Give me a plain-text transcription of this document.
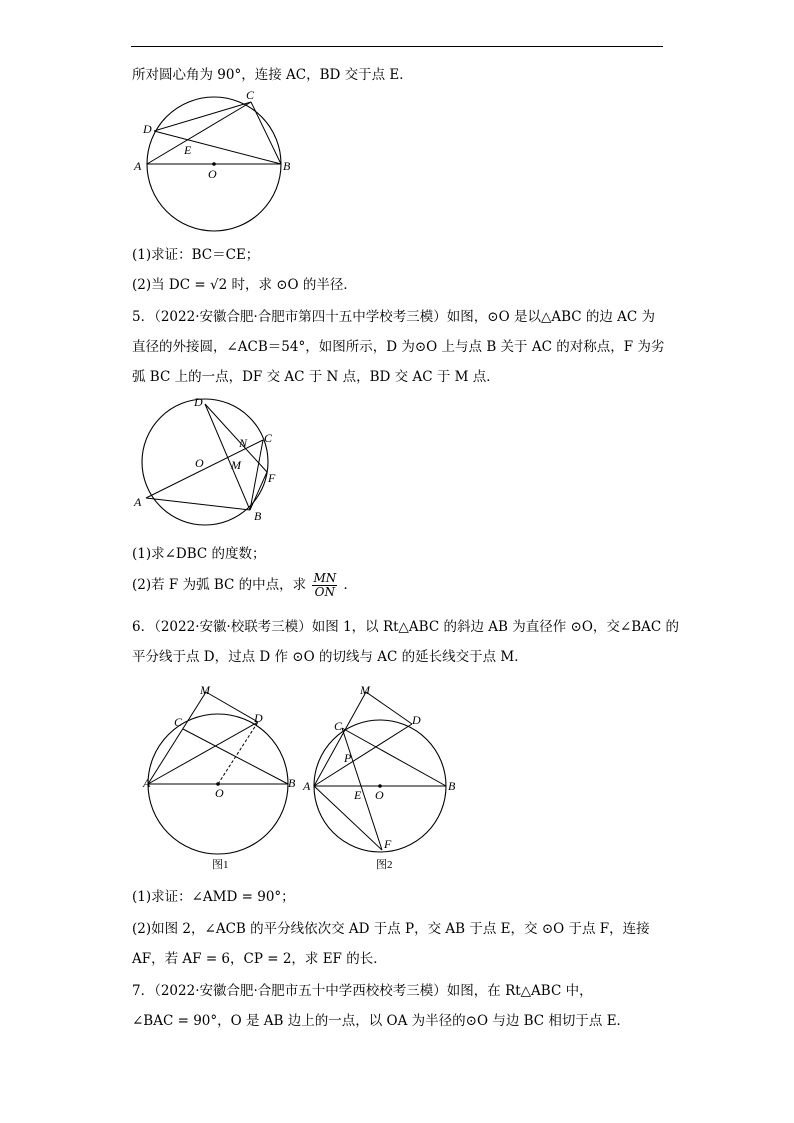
所对圆心角为 90°，连接 AC，BD 交于点 E．
A	B
C
D
E
O
(1)求证：BC＝CE；
(2)当 DC = √2 时，求 ⊙O 的半径．
5．（2022·安徽合肥·合肥市第四十五中学校考三模）如图，⊙O 是以△ABC 的边 AC 为
直径的外接圆，∠ACB＝54°，如图所示，D 为⊙O 上与点 B 关于 AC 的对称点，F 为劣
弧 BC 上的一点，DF 交 AC 于 N 点，BD 交 AC 于 M 点．
A
B
C
D
F
M
N
O
(1)求∠DBC 的度数；
(2)若 F 为弧 BC 的中点，求 $\frac{MN}{ON}$ ．
6．（2022·安徽·校联考三模）如图 1，以 Rt△ABC 的斜边 AB 为直径作 ⊙O，交∠BAC 的
平分线于点 D，过点 D 作 ⊙O 的切线与 AC 的延长线交于点 M．
M
C	D
A	B
O
图1
M
C	D
P
A	B
E O
F
图2
(1)求证：∠AMD = 90°；
(2)如图 2，∠ACB 的平分线依次交 AD 于点 P，交 AB 于点 E，交 ⊙O 于点 F，连接
AF，若 AF = 6，CP = 2，求 EF 的长．
7．（2022·安徽合肥·合肥市五十中学西校校考三模）如图，在 Rt△ABC 中，
∠BAC = 90°，O 是 AB 边上的一点，以 OA 为半径的⊙O 与边 BC 相切于点 E．
